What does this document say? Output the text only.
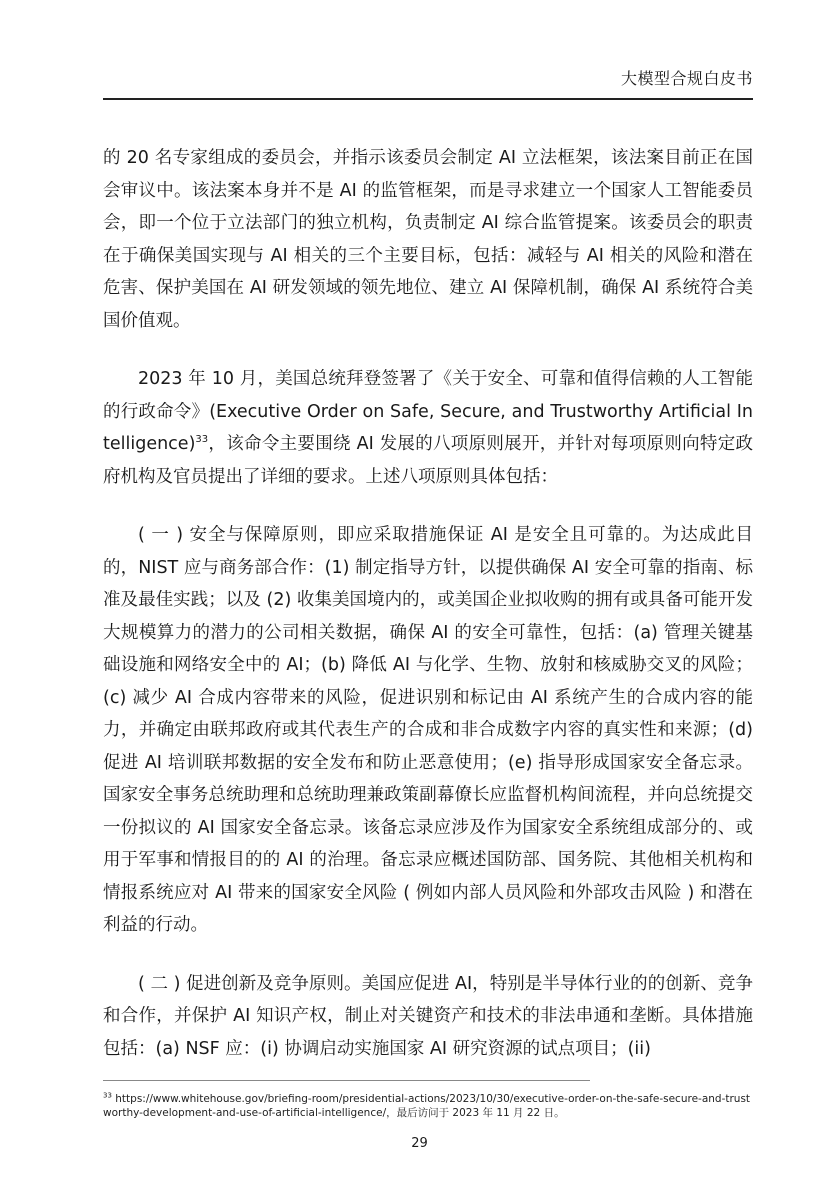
大模型合规白皮书

的 20 名专家组成的委员会，并指示该委员会制定 AI 立法框架，该法案目前正在国会审议中。该法案本身并不是 AI 的监管框架，而是寻求建立一个国家人工智能委员会，即一个位于立法部门的独立机构，负责制定 AI 综合监管提案。该委员会的职责在于确保美国实现与 AI 相关的三个主要目标，包括：减轻与 AI 相关的风险和潜在危害、保护美国在 AI 研发领域的领先地位、建立 AI 保障机制，确保 AI 系统符合美国价值观。

2023 年 10 月，美国总统拜登签署了《关于安全、可靠和值得信赖的人工智能的行政命令》(Executive Order on Safe, Secure, and Trustworthy Artificial Intelligence)$^{33}$，该命令主要围绕 AI 发展的八项原则展开，并针对每项原则向特定政府机构及官员提出了详细的要求。上述八项原则具体包括：

( 一 ) 安全与保障原则，即应采取措施保证 AI 是安全且可靠的。为达成此目的，NIST 应与商务部合作：(1) 制定指导方针，以提供确保 AI 安全可靠的指南、标准及最佳实践；以及 (2) 收集美国境内的，或美国企业拟收购的拥有或具备可能开发大规模算力的潜力的公司相关数据，确保 AI 的安全可靠性，包括：(a) 管理关键基础设施和网络安全中的 AI；(b) 降低 AI 与化学、生物、放射和核威胁交叉的风险；(c) 减少 AI 合成内容带来的风险，促进识别和标记由 AI 系统产生的合成内容的能力，并确定由联邦政府或其代表生产的合成和非合成数字内容的真实性和来源；(d) 促进 AI 培训联邦数据的安全发布和防止恶意使用；(e) 指导形成国家安全备忘录。国家安全事务总统助理和总统助理兼政策副幕僚长应监督机构间流程，并向总统提交一份拟议的 AI 国家安全备忘录。该备忘录应涉及作为国家安全系统组成部分的、或用于军事和情报目的的 AI 的治理。备忘录应概述国防部、国务院、其他相关机构和情报系统应对 AI 带来的国家安全风险 ( 例如内部人员风险和外部攻击风险 ) 和潜在利益的行动。

( 二 ) 促进创新及竞争原则。美国应促进 AI，特别是半导体行业的的创新、竞争和合作，并保护 AI 知识产权，制止对关键资产和技术的非法串通和垄断。具体措施包括：(a) NSF 应：(i) 协调启动实施国家 AI 研究资源的试点项目；(ii)

$^{33}$ https://www.whitehouse.gov/briefing-room/presidential-actions/2023/10/30/executive-order-on-the-safe-secure-and-trustworthy-development-and-use-of-artificial-intelligence/，最后访问于 2023 年 11 月 22 日。
29
